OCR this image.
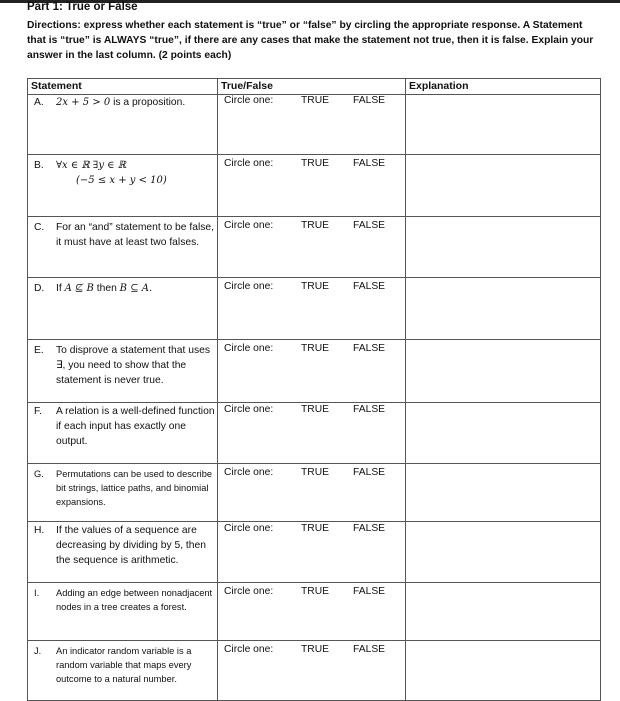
Part 1: True or False
Directions: express whether each statement is “true” or “false” by circling the appropriate response. A Statement that is “true” is ALWAYS “true”, if there are any cases that make the statement not true, then it is false. Explain your answer in the last column. (2 points each)
Statement	True/False	Explanation

A. 2x + 5 > 0 is a proposition.	Circle one: TRUE FALSE	

B. ∀x ∈ ℝ ∃y ∈ ℝ
(−5 ≤ x + y < 10)	Circle one: TRUE FALSE	

C. For an “and” statement to be false, it must have at least two falses.	Circle one: TRUE FALSE	

D. If A ⊈ B then B ⊆ A.	Circle one: TRUE FALSE	

E. To disprove a statement that uses ∃, you need to show that the statement is never true.	Circle one: TRUE FALSE	

F. A relation is a well-defined function if each input has exactly one output.	Circle one: TRUE FALSE	

G. Permutations can be used to describe bit strings, lattice paths, and binomial expansions.	Circle one: TRUE FALSE	

H. If the values of a sequence are decreasing by dividing by 5, then the sequence is arithmetic.	Circle one: TRUE FALSE	

I. Adding an edge between nonadjacent nodes in a tree creates a forest.	Circle one: TRUE FALSE	

J. An indicator random variable is a random variable that maps every outcome to a natural number.	Circle one: TRUE FALSE	
